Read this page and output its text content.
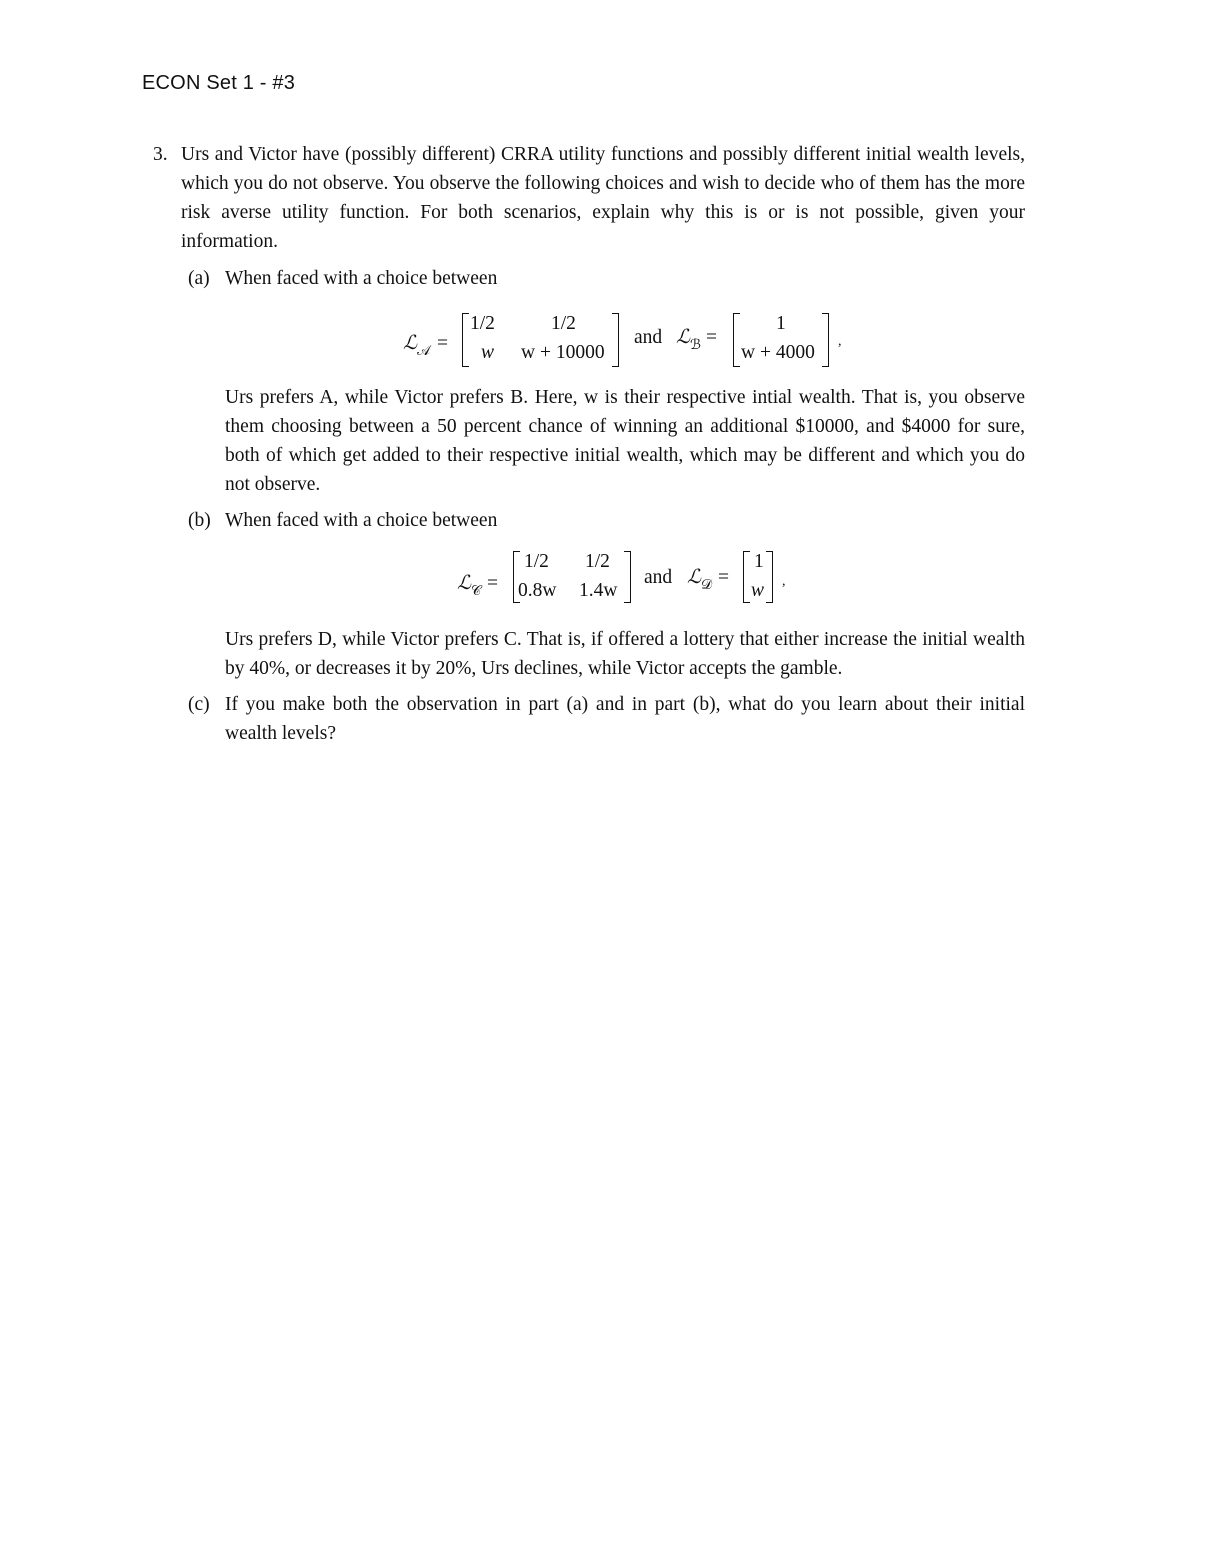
ECON Set 1 - #3
3. Urs and Victor have (possibly different) CRRA utility functions and possibly different initial wealth levels, which you do not observe. You observe the following choices and wish to decide who of them has the more risk averse utility function. For both scenarios, explain why this is or is not possible, given your information.
(a) When faced with a choice between
ℒ 𝒜 =
1/2	1/2
w w + 10000
and ℒ ℬ =
1
w + 4000
,
Urs prefers A, while Victor prefers B. Here, w is their respective intial wealth. That is, you observe them choosing between a 50 percent chance of winning an additional $10000, and $4000 for sure, both of which get added to their respective initial wealth, which may be different and which you do not observe.
(b) When faced with a choice between
ℒ 𝒞 =
1/2 1/2
0.8w 1.4w
and ℒ 𝒟 =
1
w ,
Urs prefers D, while Victor prefers C. That is, if offered a lottery that either increase the initial wealth by 40%, or decreases it by 20%, Urs declines, while Victor accepts the gamble.
(c) If you make both the observation in part (a) and in part (b), what do you learn about their initial wealth levels?
